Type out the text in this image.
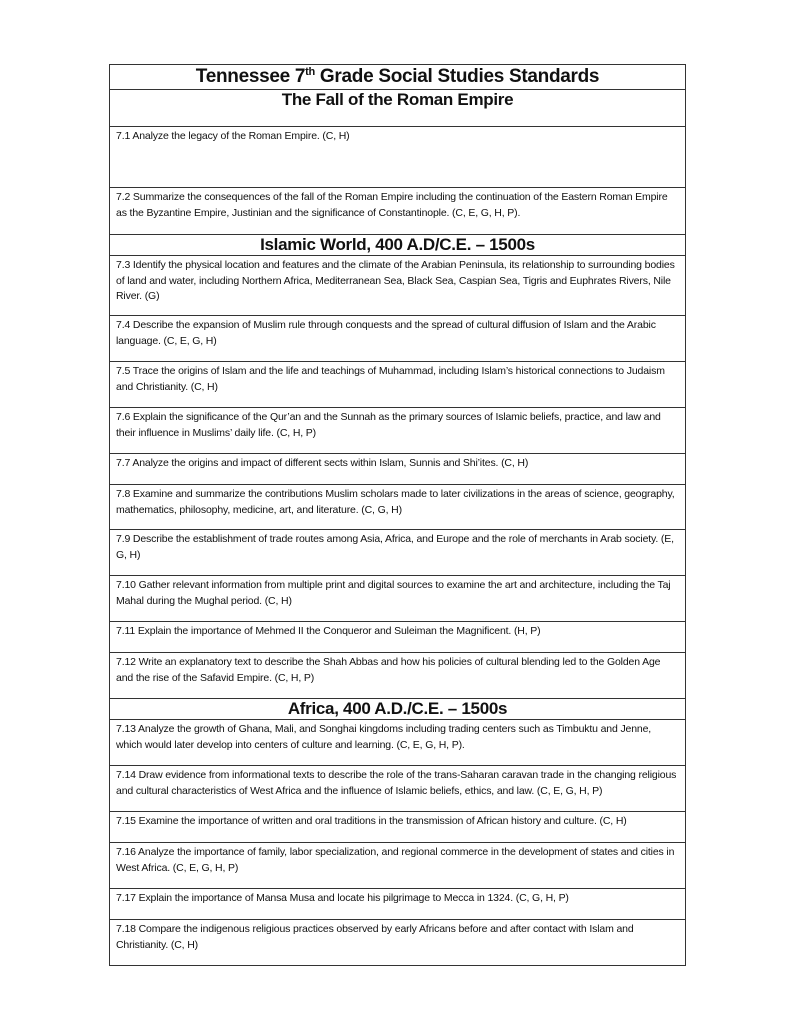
Tennessee 7th Grade Social Studies Standards
The Fall of the Roman Empire
7.1 Analyze the legacy of the Roman Empire. (C, H)
7.2 Summarize the consequences of the fall of the Roman Empire including the continuation of the Eastern Roman Empire as the Byzantine Empire, Justinian and the significance of Constantinople. (C, E, G, H, P).
Islamic World, 400 A.D/C.E. – 1500s
7.3 Identify the physical location and features and the climate of the Arabian Peninsula, its relationship to surrounding bodies of land and water, including Northern Africa, Mediterranean Sea, Black Sea, Caspian Sea, Tigris and Euphrates Rivers, Nile River. (G)
7.4 Describe the expansion of Muslim rule through conquests and the spread of cultural diffusion of Islam and the Arabic language. (C, E, G, H)
7.5 Trace the origins of Islam and the life and teachings of Muhammad, including Islam’s historical connections to Judaism and Christianity. (C, H)
7.6 Explain the significance of the Qur’an and the Sunnah as the primary sources of Islamic beliefs, practice, and law and their influence in Muslims’ daily life. (C, H, P)
7.7 Analyze the origins and impact of different sects within Islam, Sunnis and Shi’ites. (C, H)
7.8 Examine and summarize the contributions Muslim scholars made to later civilizations in the areas of science, geography, mathematics, philosophy, medicine, art, and literature. (C, G, H)
7.9 Describe the establishment of trade routes among Asia, Africa, and Europe and the role of merchants in Arab society. (E, G, H)
7.10 Gather relevant information from multiple print and digital sources to examine the art and architecture, including the Taj Mahal during the Mughal period. (C, H)
7.11 Explain the importance of Mehmed II the Conqueror and Suleiman the Magnificent. (H, P)
7.12 Write an explanatory text to describe the Shah Abbas and how his policies of cultural blending led to the Golden Age and the rise of the Safavid Empire. (C, H, P)
Africa, 400 A.D./C.E. – 1500s
7.13 Analyze the growth of Ghana, Mali, and Songhai kingdoms including trading centers such as Timbuktu and Jenne, which would later develop into centers of culture and learning. (C, E, G, H, P).
7.14 Draw evidence from informational texts to describe the role of the trans-Saharan caravan trade in the changing religious and cultural characteristics of West Africa and the influence of Islamic beliefs, ethics, and law. (C, E, G, H, P)
7.15 Examine the importance of written and oral traditions in the transmission of African history and culture. (C, H)
7.16 Analyze the importance of family, labor specialization, and regional commerce in the development of states and cities in West Africa. (C, E, G, H, P)
7.17 Explain the importance of Mansa Musa and locate his pilgrimage to Mecca in 1324. (C, G, H, P)
7.18 Compare the indigenous religious practices observed by early Africans before and after contact with Islam and Christianity. (C, H)
